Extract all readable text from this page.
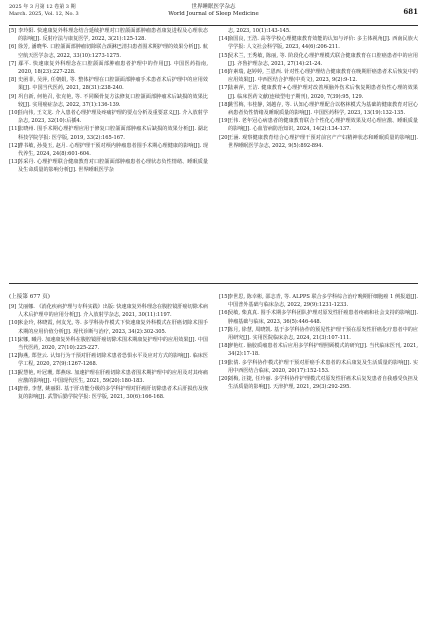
2025 年 3 月第 12 卷第 3 期
March. 2025, Vol. 12, No. 3
世界睡眠医学杂志
World Journal of Sleep Medicine	681
[5] 李玲阳. 快速康复外科理念结合延续护理对口腔颌面部肿瘤患者康复进程及心理状态的影响[J]. 反射疗法与康复医学, 2022, 3(21):125-128.
[6] 徐芳, 潘晓华. 口腔颌面部肿瘤切除联合颈淋巴清扫患者围术期护理的效果分析[J]. 航空航天医学杂志, 2022, 33(10):1273-1275.
[7] 鄢平. 快速康复外科理念在口腔颌面部肿瘤患者护理中的作用[J]. 中国医药指南, 2020, 18(23):227-228.
[8] 史函菲, 吴萍, 任朝娟, 等. 整体护理在口腔颌面部肿瘤手术患者术后护理中的应用效果[J]. 中国当代医药, 2021, 28(31):238-240.
[9] 巩自新, 何艳召, 张克艳, 等. 不同颞骨复方法修复口腔颌面部肿瘤术后缺损的效果比较[J]. 实用癌症杂志, 2022, 37(1):136-139.
[10]任向伟, 王文龙. 介入患者心理护理及疼痛护理的要点分析及重要意义[J]. 介入放射学杂志, 2023, 32(10):后插4.
[11]张晓州. 围手术期心理护理应用于修复口腔颌面部肿瘤术后缺损的效果分析[J]. 湖北科技学院学报: 医学版, 2019, 33(2):165-167.
[12]曹书敏, 孙曼玉, 赵月. 心理护理干预对颅内肿瘤患者围手术期心理健康的影响[J]. 现代养生, 2024, 24(8):601-604.
[13]苏采丹. 心理护理联合健康教育对口腔颌面部肿瘤患者心理状态负性情绪、睡眠质量及生命质量的影响分析[J]. 世界睡眠医学杂
志, 2023, 10(1):143-145.
[14]俞国良, 王浩. 高等学校心理健康教育效能的认知与评价: 多主体视角[J]. 西南民族大学学报: 人文社会科学版, 2023, 44(6):206-211.
[15]吴术兰, 王秀敏, 陈丽, 等. 阶段化心理护理模式联合健康教育在口腔癌患者中的应用[J]. 齐鲁护理杂志, 2021, 27(14):21-24.
[16]许素瑞, 赵婷婷, 兰恩西. 针对性心理护理结合健康教育在晚期肝癌患者术后恢复中的应用效果[J]. 中西医结合护理(中英文), 2023, 9(2):9-12.
[17]陆素萍, 王洁. 健康教育+心理护理对改善颅脑外伤术后恢复期患者负性心理的效果[J]. 临床医药文献(连续型电子期刊), 2020, 7(39):95, 129.
[18]姚雪梅, 韦桂静, 刘越存, 等. 认知心理护理配合以格林模式为基础的健康教育对冠心病患者负性情绪及睡眠质量的影响[J]. 中国医药科学, 2023, 13(19):132-135.
[19]王伟. 老年冠心病患者的健康教育联合个性化心理护理效果及对心理应激、睡眠质量的影响[J]. 心血管病防治知识, 2024, 14(2):134-137.
[20]王涵. 观察健康教育结合心理护理干预对前宫产产妇精神状态和睡眠质量的影响[J]. 世界睡眠医学杂志, 2022, 9(5):892-894.
(上接第 677 页)
[9] 艾丽娜. 《消化疾病护理与专科实践》出版: 快速康复外科理念在腹腔镜肝癌切除术病人术后护理中的应用分析[J]. 介入放射学杂志, 2021, 30(11):1197.
[10]米金玲, 林晓霞, 何友光, 等. 多学科协作模式下快速康复外科模式在肝癌切除术围手术期的应用价值分析[J]. 现代诊断与治疗, 2023, 34(2):302-305.
[11]宋娜, 曦丹. 加速康复外科在腹腔镜肝癌切除术围术期康复护理中的应用效果[J]. 中国当代医药, 2020, 27(10):225-227.
[12]海燕, 郑登云. 认知行为干预对肝癌切除术患者恐惧水平及应对方式的影响[J]. 临床医学工程, 2020, 27(9):1267-1268.
[13]祝慧艳, 叶冠珊, 郑燕琼. 加速护理在肝癌切除术患者围术期护理中的应用及对其疼痛应激的影响[J]. 中国现代医生, 2021, 59(20):180-183.
[14]唐蓉, 李慧, 姚丽阳. 基于肝功能分级的多学科护理对肝癌肝切除患者术后肝损伤及恢复的影响[J]. 武警后勤学院学报: 医学版, 2021, 30(6):166-168.
[15]李世思, 陈幸彬, 邵志青, 等. ALPPS 联合多学科综合治疗晚期肝细胞癌 1 例报道[J]. 中国普外基础与临床杂志, 2022, 29(9):1231-1233.
[16]吴敏, 柴真真. 围手术期多学科团队护理对原发性肝癌患者疼痛和社会支持的影响[J]. 肿瘤基础与临床, 2023, 36(5):446-448.
[17]陈月, 徐慧, 周晓凯. 基于多学科协作的预见性护理干预在原发性肝癌化疗患者中的应用研究[J]. 实用医院临床杂志, 2024, 21(3):107-111.
[18]廖艳红. 脑胶质瘤患者术后应用多学科护理照顾模式的研究[J]. 当代临床医刊, 2021, 34(2):17-18.
[19]张倩. 多学科协作模式护理干预对肝癌手术患者的术后康复及生活质量的影响[J]. 实用中西医结合临床, 2020, 20(17):152-153.
[20]刘梅, 汪捷, 任玲丽. 多学科协作护理模式对原发性肝癌术后复发患者自我感受负担及生活质量的影响[J]. 天津护理, 2021, 29(3):292-295.
